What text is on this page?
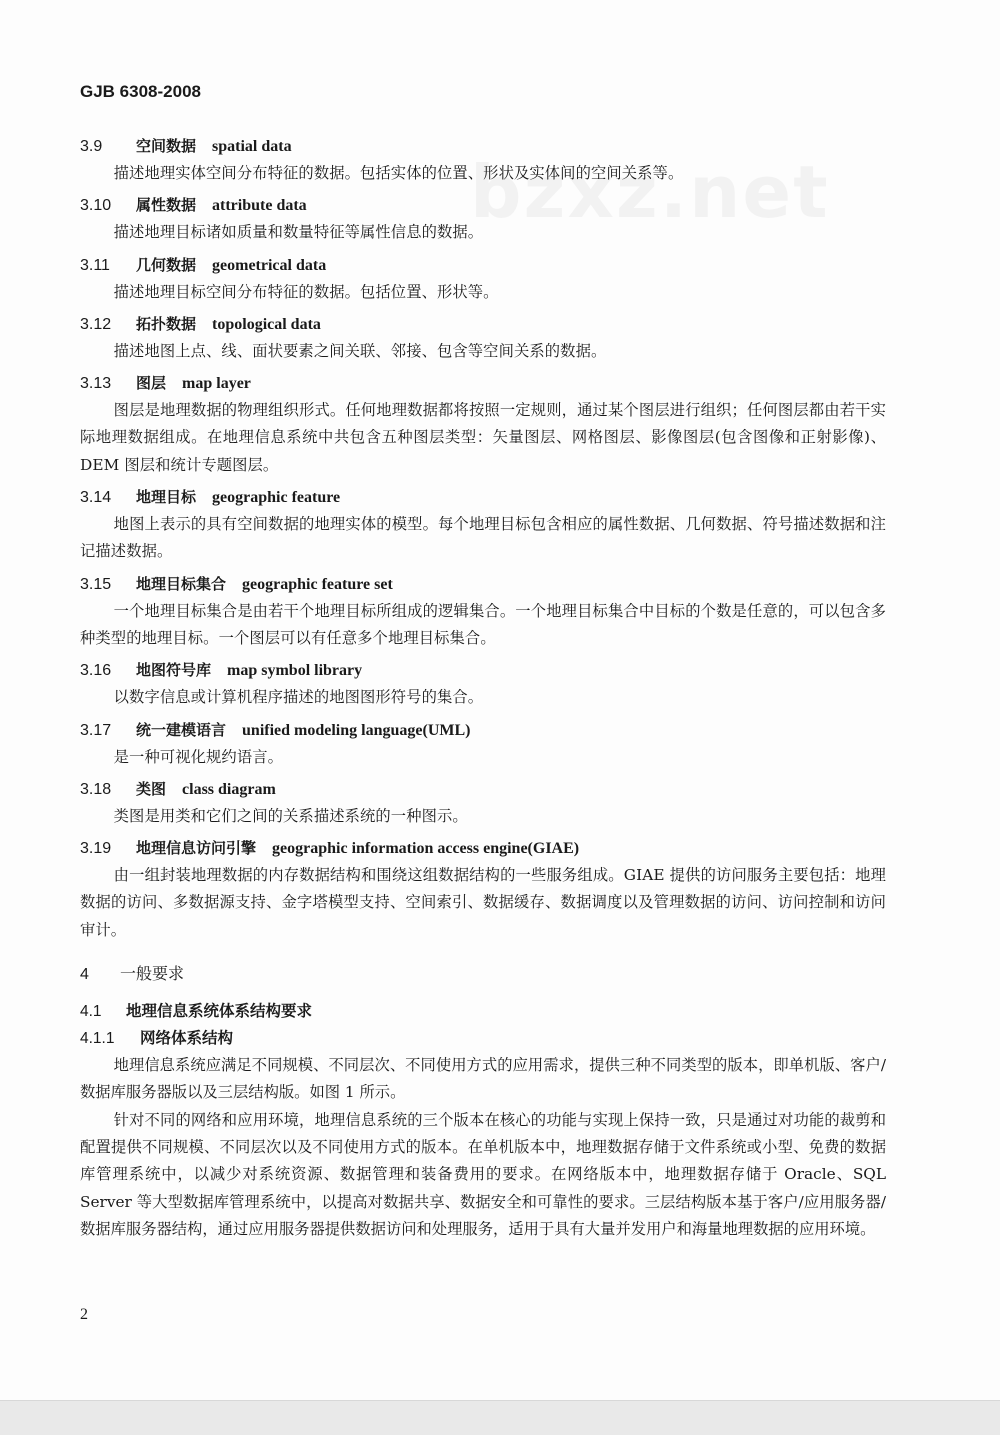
GJB 6308-2008
3.9 空间数据 spatial data

描述地理实体空间分布特征的数据。包括实体的位置、形状及实体间的空间关系等。

3.10 属性数据 attribute data

描述地理目标诸如质量和数量特征等属性信息的数据。

3.11 几何数据 geometrical data

描述地理目标空间分布特征的数据。包括位置、形状等。

3.12 拓扑数据 topological data

描述地图上点、线、面状要素之间关联、邻接、包含等空间关系的数据。

3.13 图层 map layer

图层是地理数据的物理组织形式。任何地理数据都将按照一定规则，通过某个图层进行组织；任何图层都由若干实际地理数据组成。在地理信息系统中共包含五种图层类型：矢量图层、网格图层、影像图层(包含图像和正射影像)、DEM 图层和统计专题图层。

3.14 地理目标 geographic feature

地图上表示的具有空间数据的地理实体的模型。每个地理目标包含相应的属性数据、几何数据、符号描述数据和注记描述数据。

3.15 地理目标集合 geographic feature set

一个地理目标集合是由若干个地理目标所组成的逻辑集合。一个地理目标集合中目标的个数是任意的，可以包含多种类型的地理目标。一个图层可以有任意多个地理目标集合。

3.16 地图符号库 map symbol library

以数字信息或计算机程序描述的地图图形符号的集合。

3.17 统一建模语言 unified modeling language(UML)

是一种可视化规约语言。

3.18 类图 class diagram

类图是用类和它们之间的关系描述系统的一种图示。

3.19 地理信息访问引擎 geographic information access engine(GIAE)

由一组封装地理数据的内存数据结构和围绕这组数据结构的一些服务组成。GIAE 提供的访问服务主要包括：地理数据的访问、多数据源支持、金字塔模型支持、空间索引、数据缓存、数据调度以及管理数据的访问、访问控制和访问审计。

4 一般要求
4.1 地理信息系统体系结构要求
4.1.1 网络体系结构

地理信息系统应满足不同规模、不同层次、不同使用方式的应用需求，提供三种不同类型的版本，即单机版、客户/数据库服务器版以及三层结构版。如图 1 所示。

针对不同的网络和应用环境，地理信息系统的三个版本在核心的功能与实现上保持一致，只是通过对功能的裁剪和配置提供不同规模、不同层次以及不同使用方式的版本。在单机版本中，地理数据存储于文件系统或小型、免费的数据库管理系统中，以减少对系统资源、数据管理和装备费用的要求。在网络版本中，地理数据存储于 Oracle、SQL Server 等大型数据库管理系统中，以提高对数据共享、数据安全和可靠性的要求。三层结构版本基于客户/应用服务器/数据库服务器结构，通过应用服务器提供数据访问和处理服务，适用于具有大量并发用户和海量地理数据的应用环境。

2
